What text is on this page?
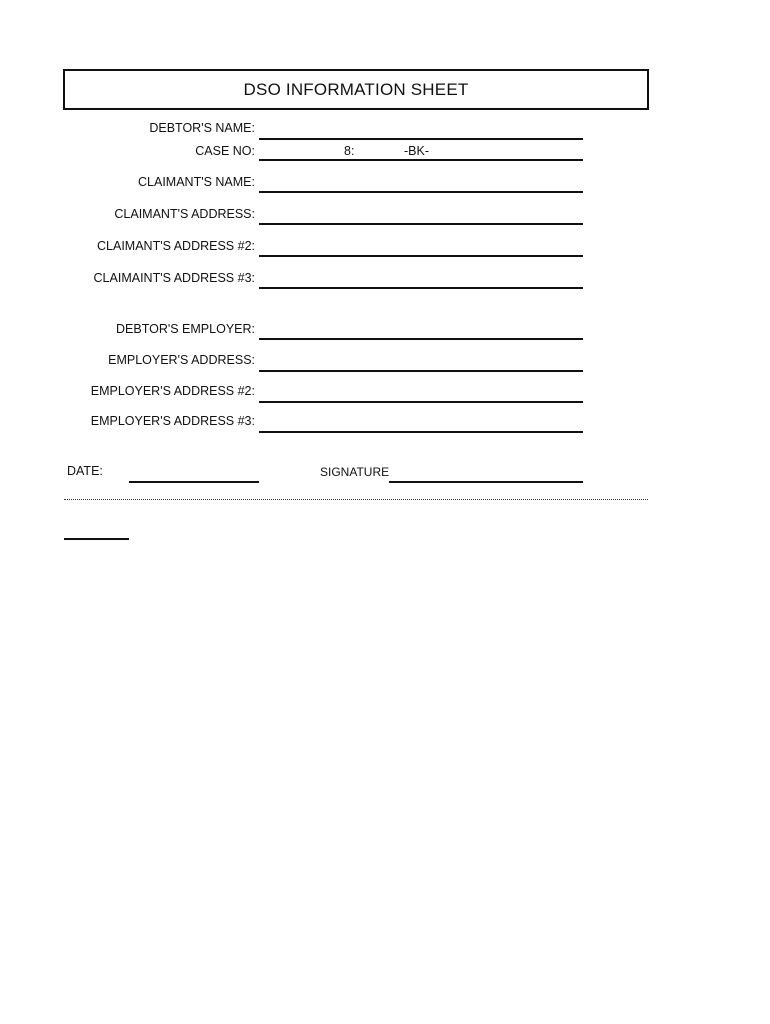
DSO INFORMATION SHEET
DEBTOR'S NAME:
CASE NO:	8:	-BK-
CLAIMANT'S NAME:
CLAIMANT'S ADDRESS:
CLAIMANT'S ADDRESS #2:
CLAIMAINT'S ADDRESS #3:
DEBTOR'S EMPLOYER:
EMPLOYER'S ADDRESS:
EMPLOYER'S ADDRESS #2:
EMPLOYER'S ADDRESS #3:
DATE:	SIGNATURE
